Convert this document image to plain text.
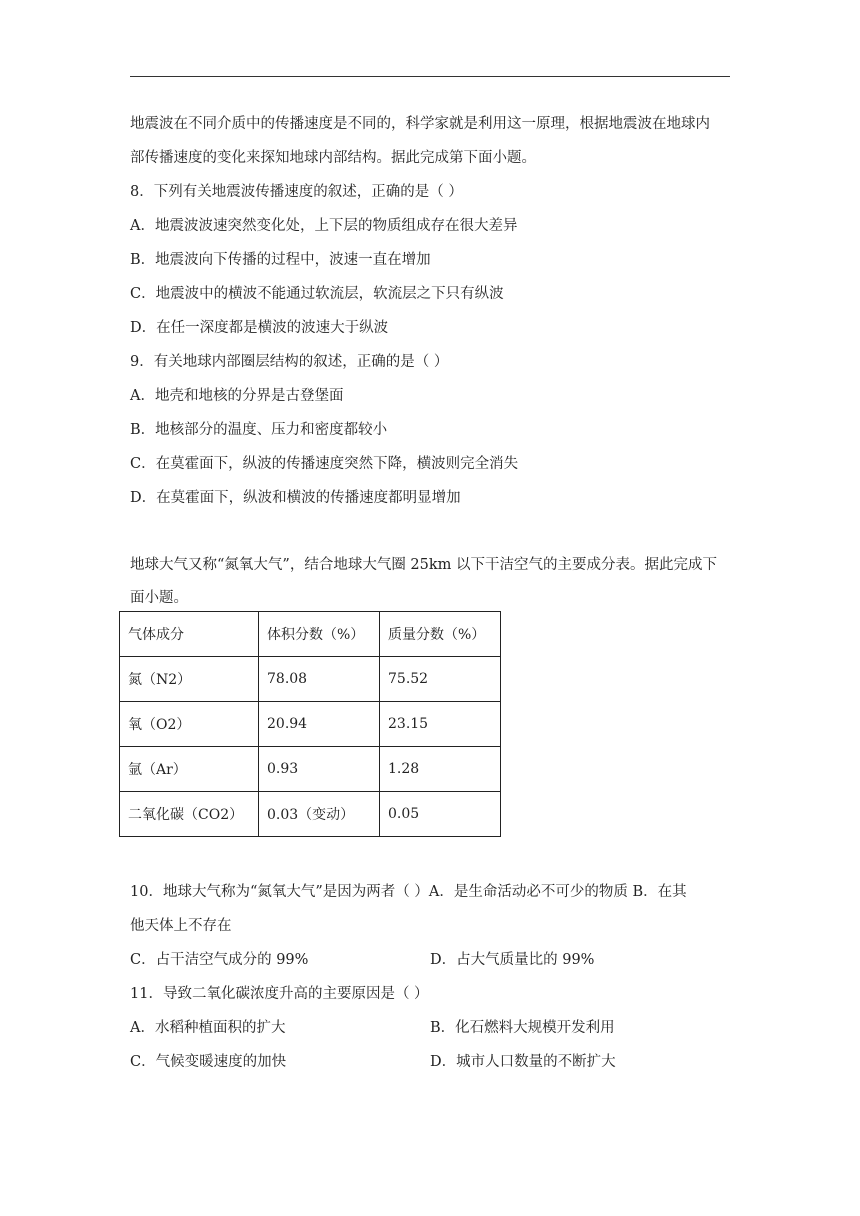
地震波在不同介质中的传播速度是不同的，科学家就是利用这一原理，根据地震波在地球内
部传播速度的变化来探知地球内部结构。据此完成第下面小题。
8．下列有关地震波传播速度的叙述，正确的是（ ）
A．地震波波速突然变化处，上下层的物质组成存在很大差异
B．地震波向下传播的过程中，波速一直在增加
C．地震波中的横波不能通过软流层，软流层之下只有纵波
D．在任一深度都是横波的波速大于纵波
9．有关地球内部圈层结构的叙述，正确的是（ ）
A．地壳和地核的分界是古登堡面
B．地核部分的温度、压力和密度都较小
C．在莫霍面下，纵波的传播速度突然下降，横波则完全消失
D．在莫霍面下，纵波和横波的传播速度都明显增加
地球大气又称“氮氧大气”，结合地球大气圈 25km 以下干洁空气的主要成分表。据此完成下
面小题。
气体成分	体积分数（%）	质量分数（%）
氮（N2）	78.08	75.52
氧（O2）	20.94	23.15
氩（Ar）	0.93	1.28
二氧化碳（CO2）	0.03（变动）	0.05
10．地球大气称为“氮氧大气”是因为两者（ ）A．是生命活动必不可少的物质 B．在其
他天体上不存在
C．占干洁空气成分的 99%	D．占大气质量比的 99%
11．导致二氧化碳浓度升高的主要原因是（ ）
A．水稻种植面积的扩大	B．化石燃料大规模开发利用
C．气候变暖速度的加快	D．城市人口数量的不断扩大
